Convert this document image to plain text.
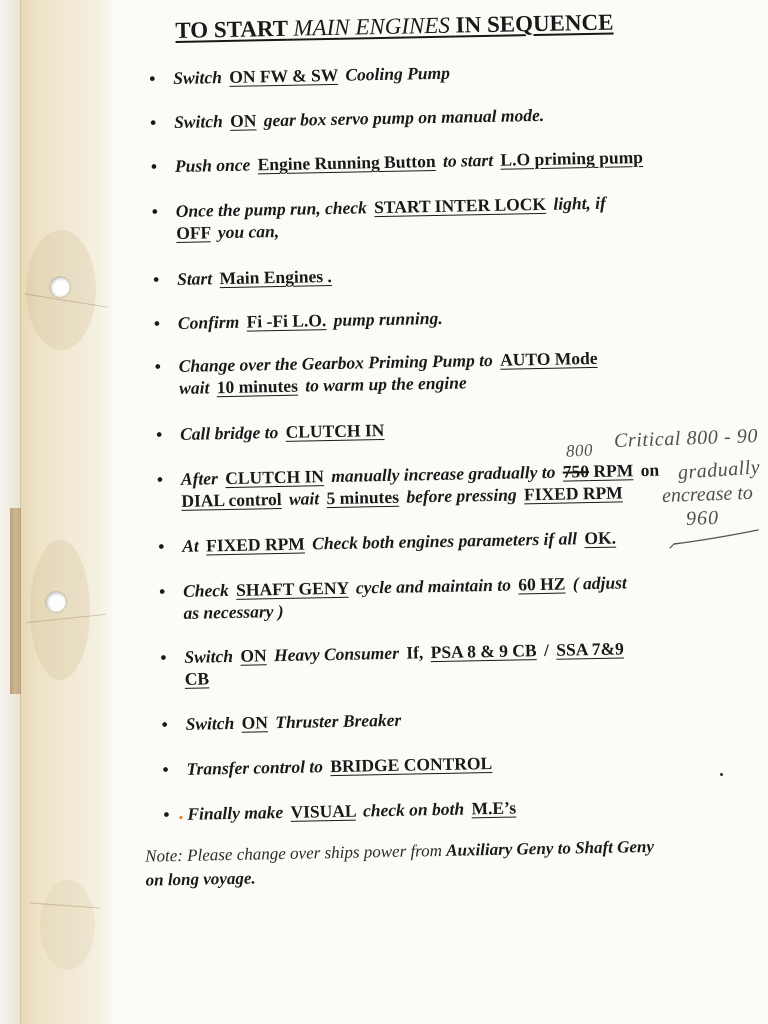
TO START MAIN ENGINES IN SEQUENCE
• Switch ON FW & SW Cooling Pump
• Switch ON gear box servo pump on manual mode.
• Push once Engine Running Button to start L.O priming pump
• Once the pump run, check START INTER LOCK light, if
OFF you can,
• Start Main Engines .
• Confirm Fi -Fi L.O. pump running.
• Change over the Gearbox Priming Pump to AUTO Mode
wait 10 minutes to warm up the engine
• Call bridge to CLUTCH IN
• After CLUTCH IN manually increase gradually to 750 RPM on
DIAL control wait 5 minutes before pressing FIXED RPM
• At FIXED RPM Check both engines parameters if all OK.
• Check SHAFT GENY cycle and maintain to 60 HZ ( adjust
as necessary )
• Switch ON Heavy Consumer If, PSA 8 & 9 CB / SSA 7&9
CB
• Switch ON Thruster Breaker
• Transfer control to BRIDGE CONTROL
• Finally make VISUAL check on both M.E’s
Note: Please change over ships power from Auxiliary Geny to Shaft Geny
on long voyage.
800 Critical 800 - 90
gradually
encrease to
960
